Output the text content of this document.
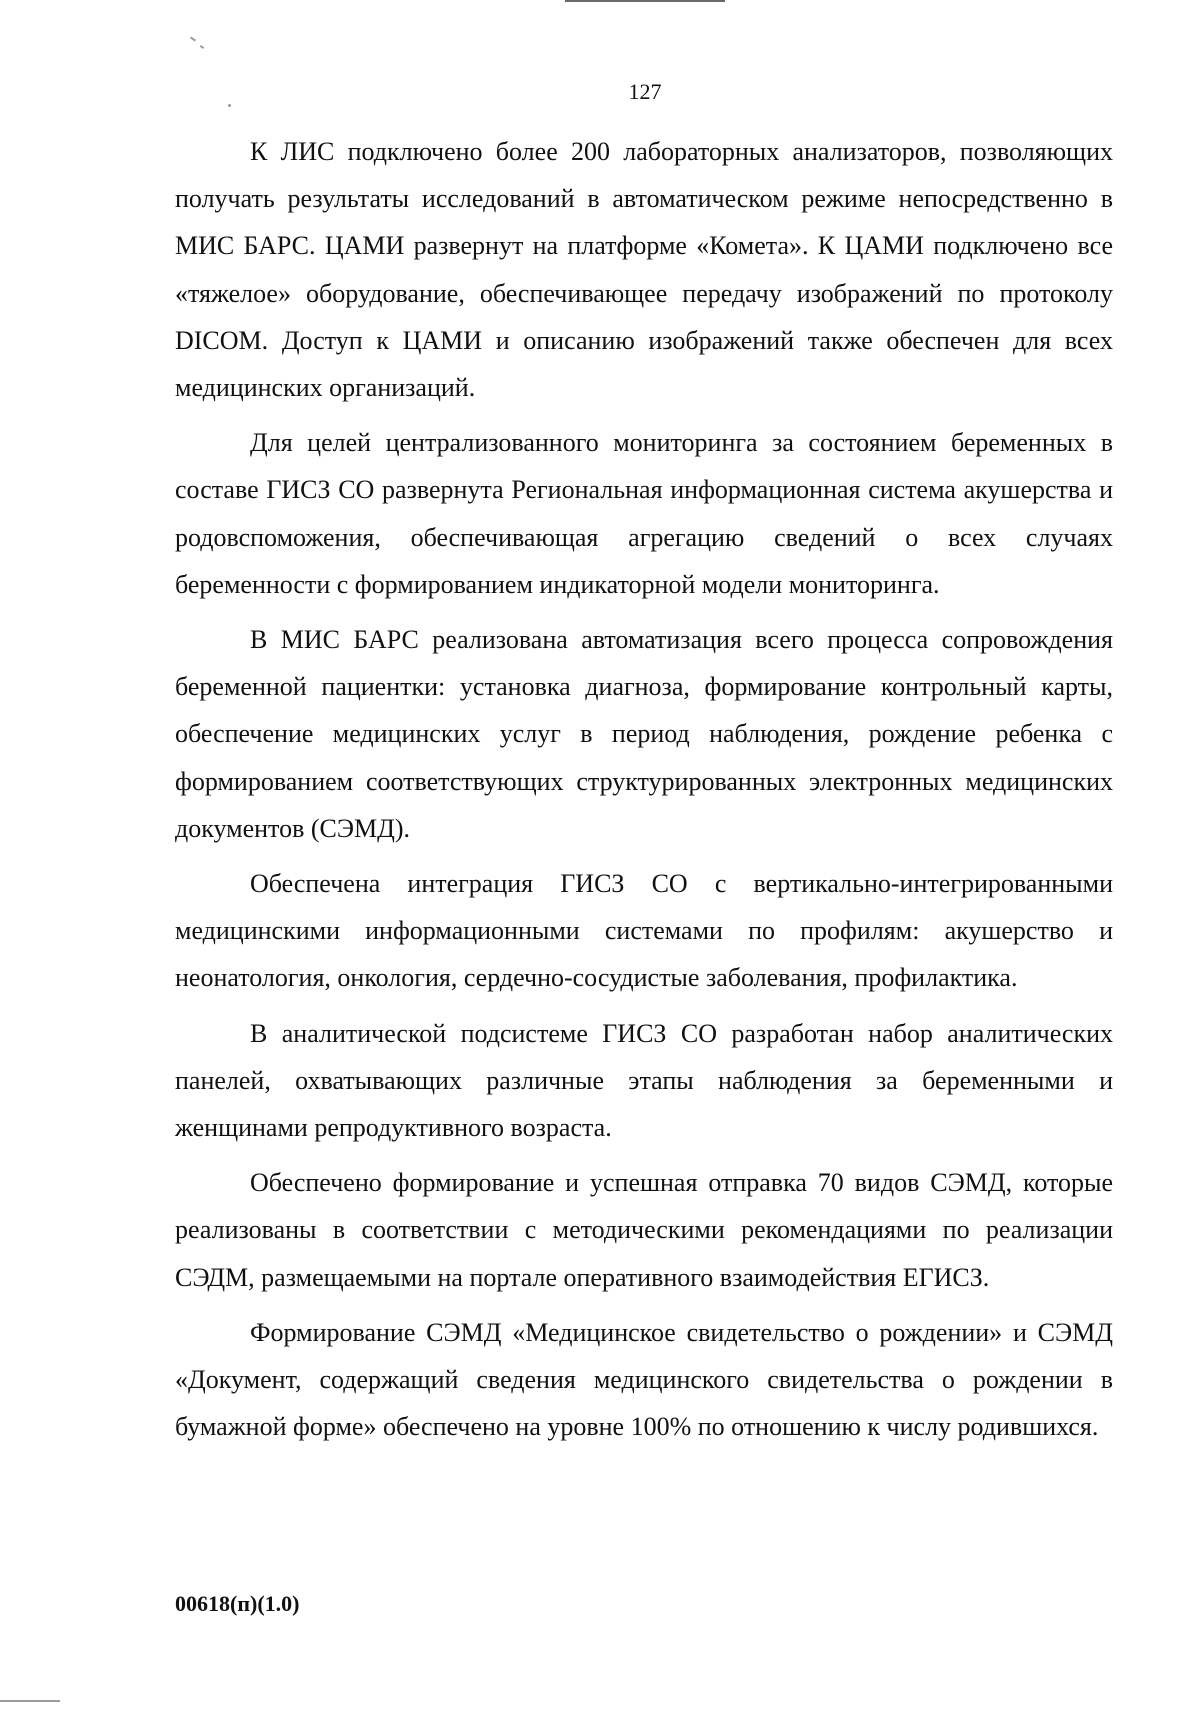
127

К ЛИС подключено более 200 лабораторных анализаторов, позволяющих получать результаты исследований в автоматическом режиме непосредственно в МИС БАРС. ЦАМИ развернут на платформе «Комета». К ЦАМИ подключено все «тяжелое» оборудование, обеспечивающее передачу изображений по протоколу DICOM. Доступ к ЦАМИ и описанию изображений также обеспечен для всех медицинских организаций.

Для целей централизованного мониторинга за состоянием беременных в составе ГИСЗ СО развернута Региональная информационная система акушерства и родовспоможения, обеспечивающая агрегацию сведений о всех случаях беременности с формированием индикаторной модели мониторинга.

В МИС БАРС реализована автоматизация всего процесса сопровождения беременной пациентки: установка диагноза, формирование контрольный карты, обеспечение медицинских услуг в период наблюдения, рождение ребенка с формированием соответствующих структурированных электронных медицинских документов (СЭМД).

Обеспечена интеграция ГИСЗ СО с вертикально-интегрированными медицинскими информационными системами по профилям: акушерство и неонатология, онкология, сердечно-сосудистые заболевания, профилактика.

В аналитической подсистеме ГИСЗ СО разработан набор аналитических панелей, охватывающих различные этапы наблюдения за беременными и женщинами репродуктивного возраста.

Обеспечено формирование и успешная отправка 70 видов СЭМД, которые реализованы в соответствии с методическими рекомендациями по реализации СЭДМ, размещаемыми на портале оперативного взаимодействия ЕГИСЗ.

Формирование СЭМД «Медицинское свидетельство о рождении» и СЭМД «Документ, содержащий сведения медицинского свидетельства о рождении в бумажной форме» обеспечено на уровне 100% по отношению к числу родившихся.

00618(п)(1.0)
